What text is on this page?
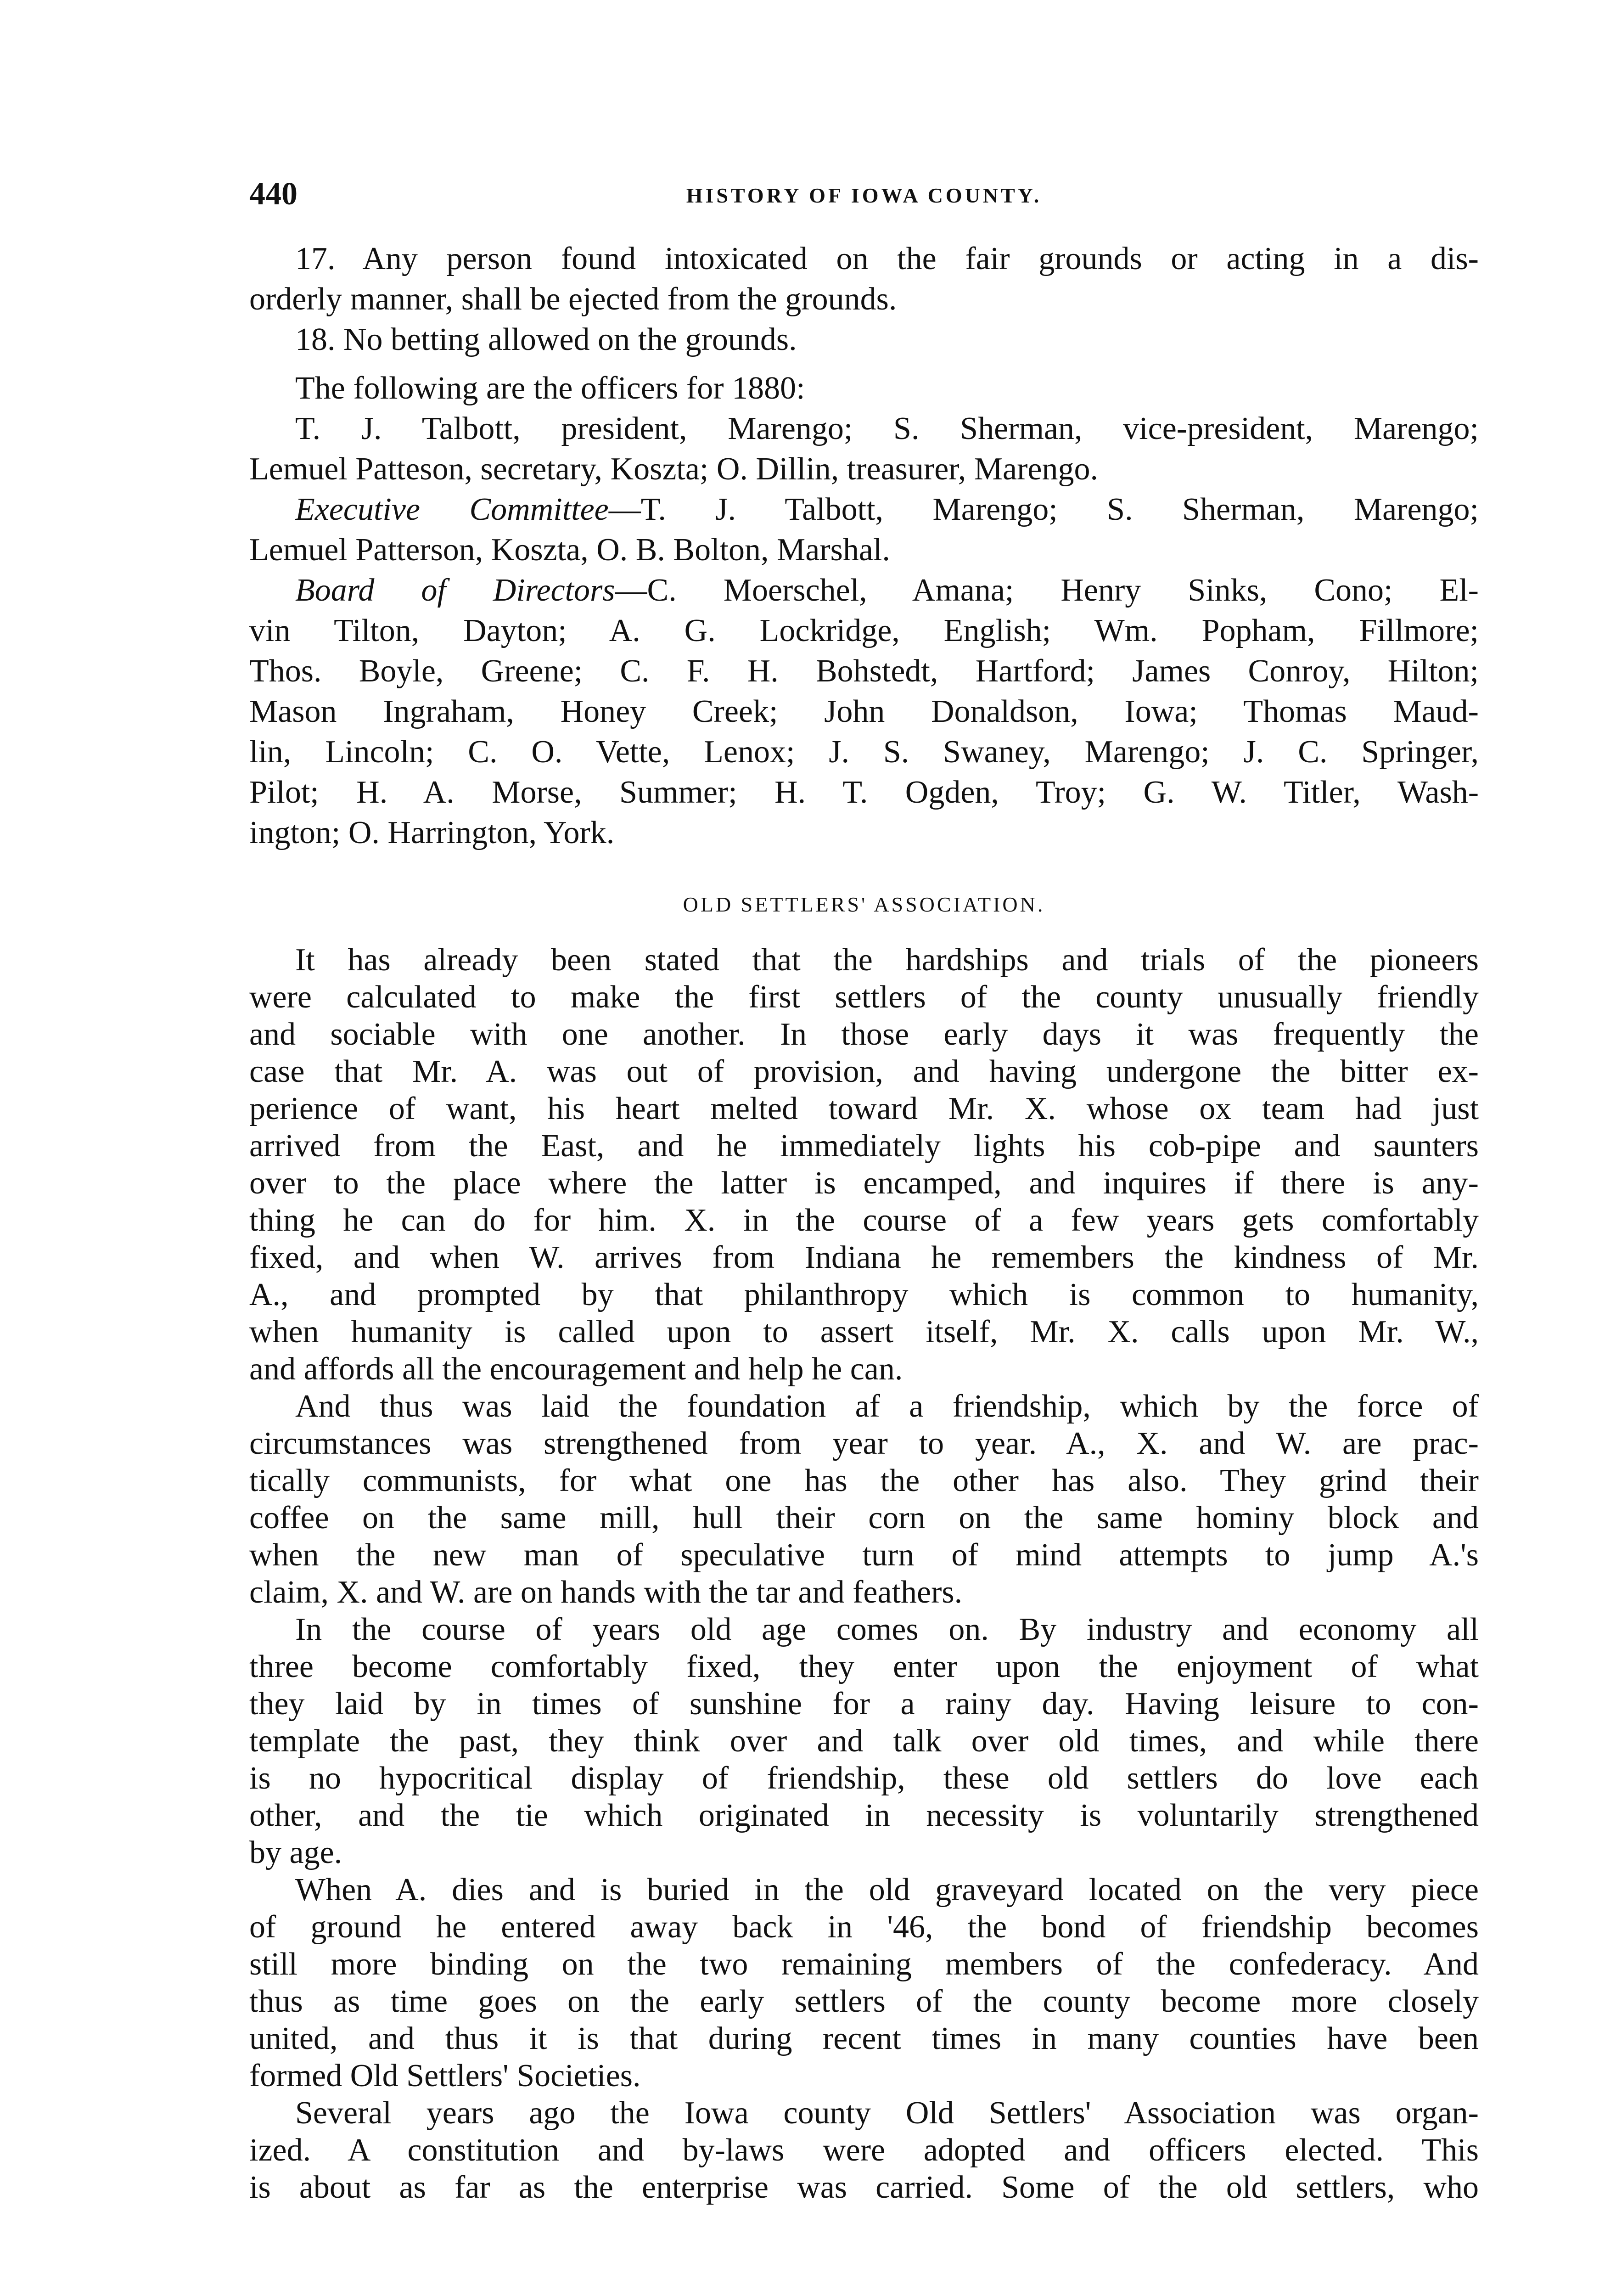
440	HISTORY OF IOWA COUNTY.
17. Any person found intoxicated on the fair grounds or acting in a dis-
orderly manner, shall be ejected from the grounds.
18. No betting allowed on the grounds.
The following are the officers for 1880:
T. J. Talbott, president, Marengo; S. Sherman, vice-president, Marengo;
Lemuel Patteson, secretary, Koszta; O. Dillin, treasurer, Marengo.
Executive Committee—T. J. Talbott, Marengo; S. Sherman, Marengo;
Lemuel Patterson, Koszta, O. B. Bolton, Marshal.
Board of Directors—C. Moerschel, Amana; Henry Sinks, Cono; El-
vin Tilton, Dayton; A. G. Lockridge, English; Wm. Popham, Fillmore;
Thos. Boyle, Greene; C. F. H. Bohstedt, Hartford; James Conroy, Hilton;
Mason Ingraham, Honey Creek; John Donaldson, Iowa; Thomas Maud-
lin, Lincoln; C. O. Vette, Lenox; J. S. Swaney, Marengo; J. C. Springer,
Pilot; H. A. Morse, Summer; H. T. Ogden, Troy; G. W. Titler, Wash-
ington; O. Harrington, York.
OLD SETTLERS' ASSOCIATION.
It has already been stated that the hardships and trials of the pioneers
were calculated to make the first settlers of the county unusually friendly
and sociable with one another. In those early days it was frequently the
case that Mr. A. was out of provision, and having undergone the bitter ex-
perience of want, his heart melted toward Mr. X. whose ox team had just
arrived from the East, and he immediately lights his cob-pipe and saunters
over to the place where the latter is encamped, and inquires if there is any-
thing he can do for him. X. in the course of a few years gets comfortably
fixed, and when W. arrives from Indiana he remembers the kindness of Mr.
A., and prompted by that philanthropy which is common to humanity,
when humanity is called upon to assert itself, Mr. X. calls upon Mr. W.,
and affords all the encouragement and help he can.
And thus was laid the foundation af a friendship, which by the force of
circumstances was strengthened from year to year. A., X. and W. are prac-
tically communists, for what one has the other has also. They grind their
coffee on the same mill, hull their corn on the same hominy block and
when the new man of speculative turn of mind attempts to jump A.'s
claim, X. and W. are on hands with the tar and feathers.
In the course of years old age comes on. By industry and economy all
three become comfortably fixed, they enter upon the enjoyment of what
they laid by in times of sunshine for a rainy day. Having leisure to con-
template the past, they think over and talk over old times, and while there
is no hypocritical display of friendship, these old settlers do love each
other, and the tie which originated in necessity is voluntarily strengthened
by age.
When A. dies and is buried in the old graveyard located on the very piece
of ground he entered away back in '46, the bond of friendship becomes
still more binding on the two remaining members of the confederacy. And
thus as time goes on the early settlers of the county become more closely
united, and thus it is that during recent times in many counties have been
formed Old Settlers' Societies.
Several years ago the Iowa county Old Settlers' Association was organ-
ized. A constitution and by-laws were adopted and officers elected. This
is about as far as the enterprise was carried. Some of the old settlers, who
